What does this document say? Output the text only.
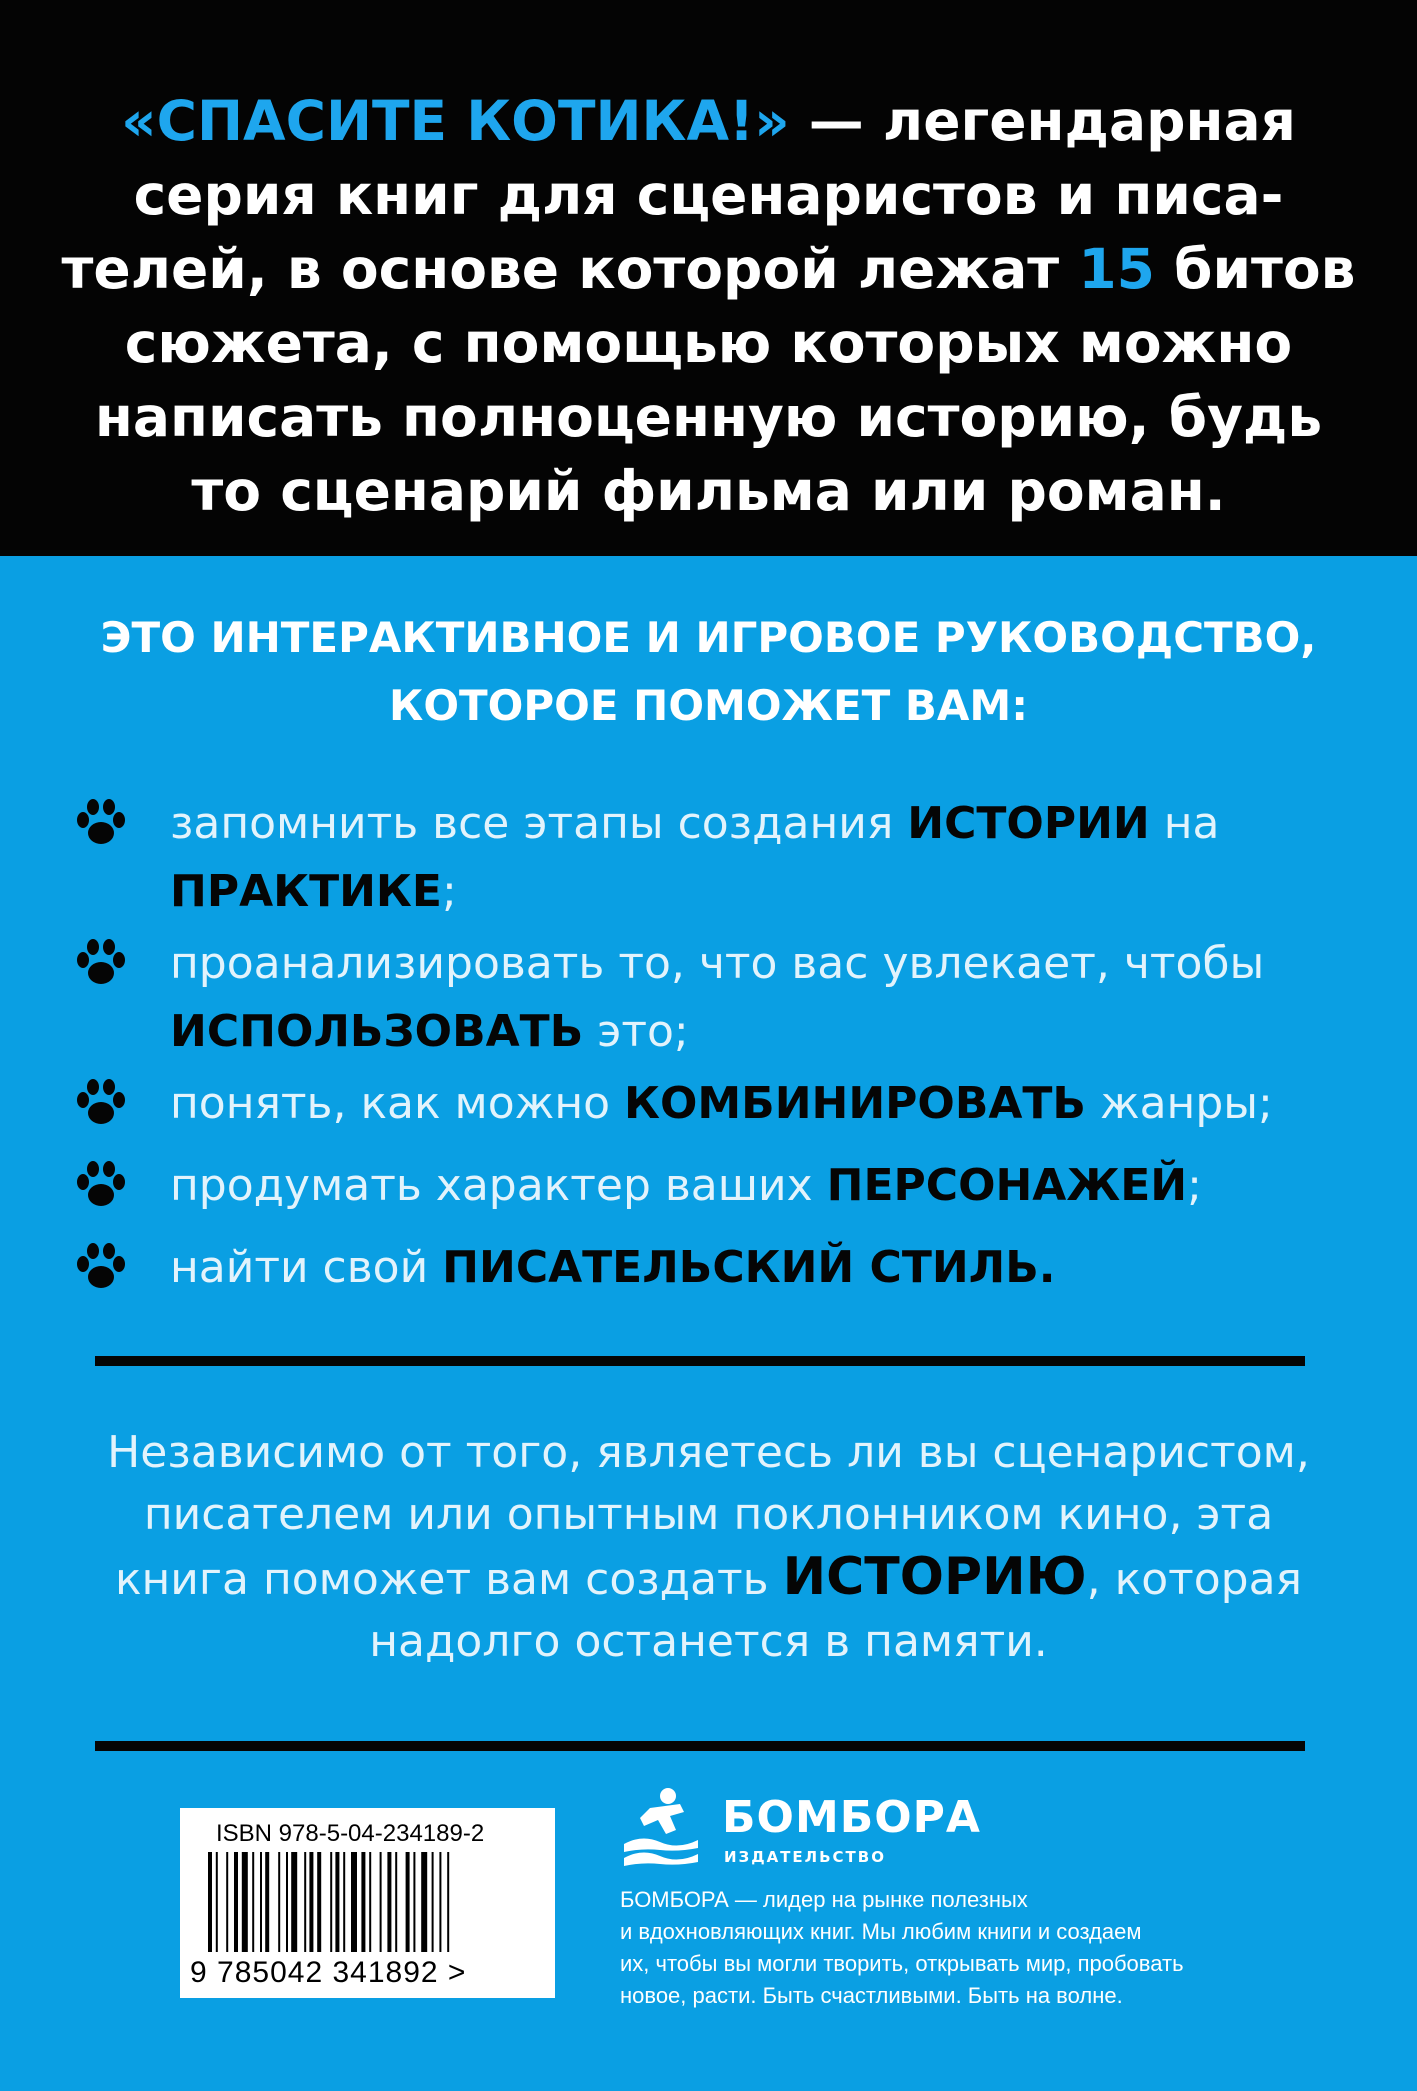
«СПАСИТЕ КОТИКА!» — легендарная
серия книг для сценаристов и писа-
телей, в основе которой лежат 15 битов
сюжета, с помощью которых можно
написать полноценную историю, будь
то сценарий фильма или роман.
ЭТО ИНТЕРАКТИВНОЕ И ИГРОВОЕ РУКОВОДСТВО,
КОТОРОЕ ПОМОЖЕТ ВАМ:
запомнить все этапы создания ИСТОРИИ на
ПРАКТИКЕ;
проанализировать то, что вас увлекает, чтобы
ИСПОЛЬЗОВАТЬ это;
понять, как можно КОМБИНИРОВАТЬ жанры;
продумать характер ваших ПЕРСОНАЖЕЙ;
найти свой ПИСАТЕЛЬСКИЙ СТИЛЬ.
Независимо от того, являетесь ли вы сценаристом,
писателем или опытным поклонником кино, эта
книга поможет вам создать ИСТОРИЮ, которая
надолго останется в памяти.
ISBN 978-5-04-234189-2
9 785042 341892 >
БОМБОРА
ИЗДАТЕЛЬСТВО
БОМБОРА — лидер на рынке полезных
и вдохновляющих книг. Мы любим книги и создаем
их, чтобы вы могли творить, открывать мир, пробовать
новое, расти. Быть счастливыми. Быть на волне.
